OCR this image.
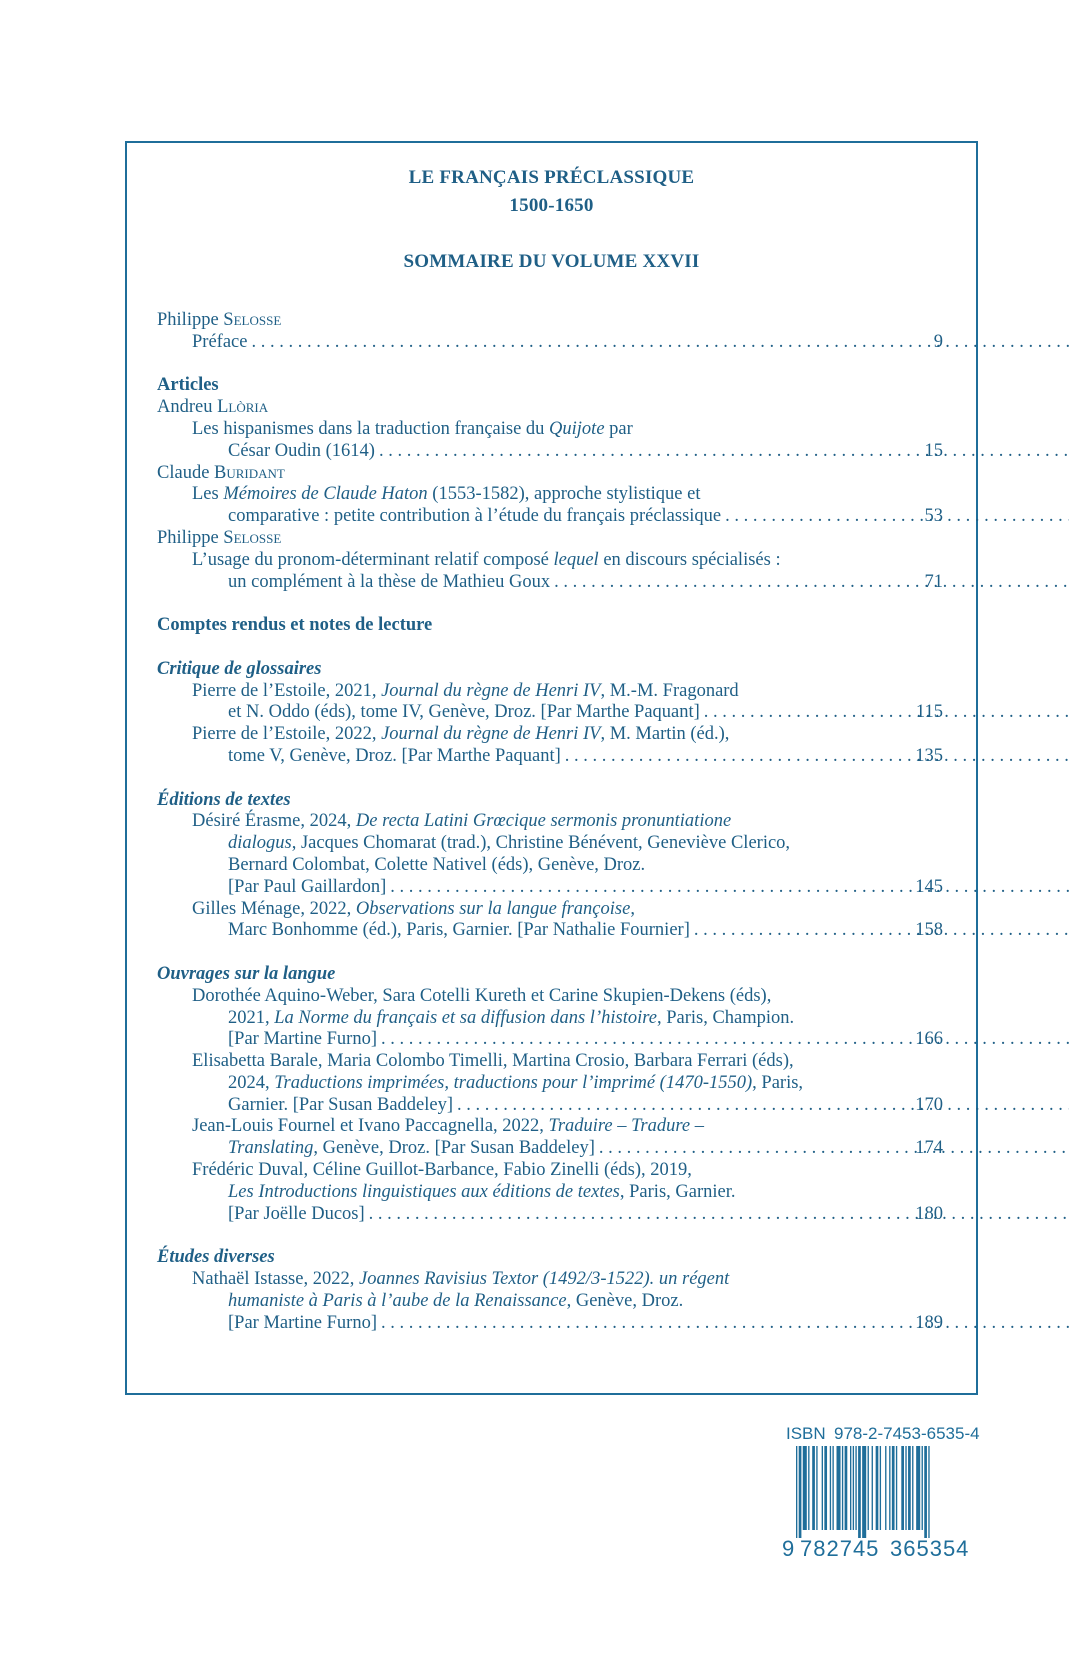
LE FRANÇAIS PRÉCLASSIQUE
1500-1650
SOMMAIRE DU VOLUME XXVII
Philippe Selosse
Préface . . .	9
Articles
Andreu Llòria
Les hispanismes dans la traduction française du Quijote par
César Oudin (1614) . . .	15
Claude Buridant
Les Mémoires de Claude Haton (1553-1582), approche stylistique et
comparative : petite contribution à l’étude du français préclassique . . .	53
Philippe Selosse
L’usage du pronom-déterminant relatif composé lequel en discours spécialisés :
un complément à la thèse de Mathieu Goux . . .	71
Comptes rendus et notes de lecture
Critique de glossaires
Pierre de l’Estoile, 2021, Journal du règne de Henri IV, M.-M. Fragonard
et N. Oddo (éds), tome IV, Genève, Droz. [Par Marthe Paquant] . . .	115
Pierre de l’Estoile, 2022, Journal du règne de Henri IV, M. Martin (éd.),
tome V, Genève, Droz. [Par Marthe Paquant] . . .	135
Éditions de textes
Désiré Érasme, 2024, De recta Latini Grœcique sermonis pronuntiatione
dialogus, Jacques Chomarat (trad.), Christine Bénévent, Geneviève Clerico,
Bernard Colombat, Colette Nativel (éds), Genève, Droz.
[Par Paul Gaillardon] . . .	145
Gilles Ménage, 2022, Observations sur la langue françoise,
Marc Bonhomme (éd.), Paris, Garnier. [Par Nathalie Fournier] . . .	158
Ouvrages sur la langue
Dorothée Aquino-Weber, Sara Cotelli Kureth et Carine Skupien-Dekens (éds),
2021, La Norme du français et sa diffusion dans l’histoire, Paris, Champion.
[Par Martine Furno] . . .	166
Elisabetta Barale, Maria Colombo Timelli, Martina Crosio, Barbara Ferrari (éds),
2024, Traductions imprimées, traductions pour l’imprimé (1470-1550), Paris,
Garnier. [Par Susan Baddeley] . . .	170
Jean-Louis Fournel et Ivano Paccagnella, 2022, Traduire – Tradure –
Translating, Genève, Droz. [Par Susan Baddeley] . . .	174
Frédéric Duval, Céline Guillot-Barbance, Fabio Zinelli (éds), 2019,
Les Introductions linguistiques aux éditions de textes, Paris, Garnier.
[Par Joëlle Ducos] . . .	180
Études diverses
Nathaël Istasse, 2022, Joannes Ravisius Textor (1492/3-1522). un régent
humaniste à Paris à l’aube de la Renaissance, Genève, Droz.
[Par Martine Furno] . . .	189
ISBN 978-2-7453-6535-4
9 782745 365354
